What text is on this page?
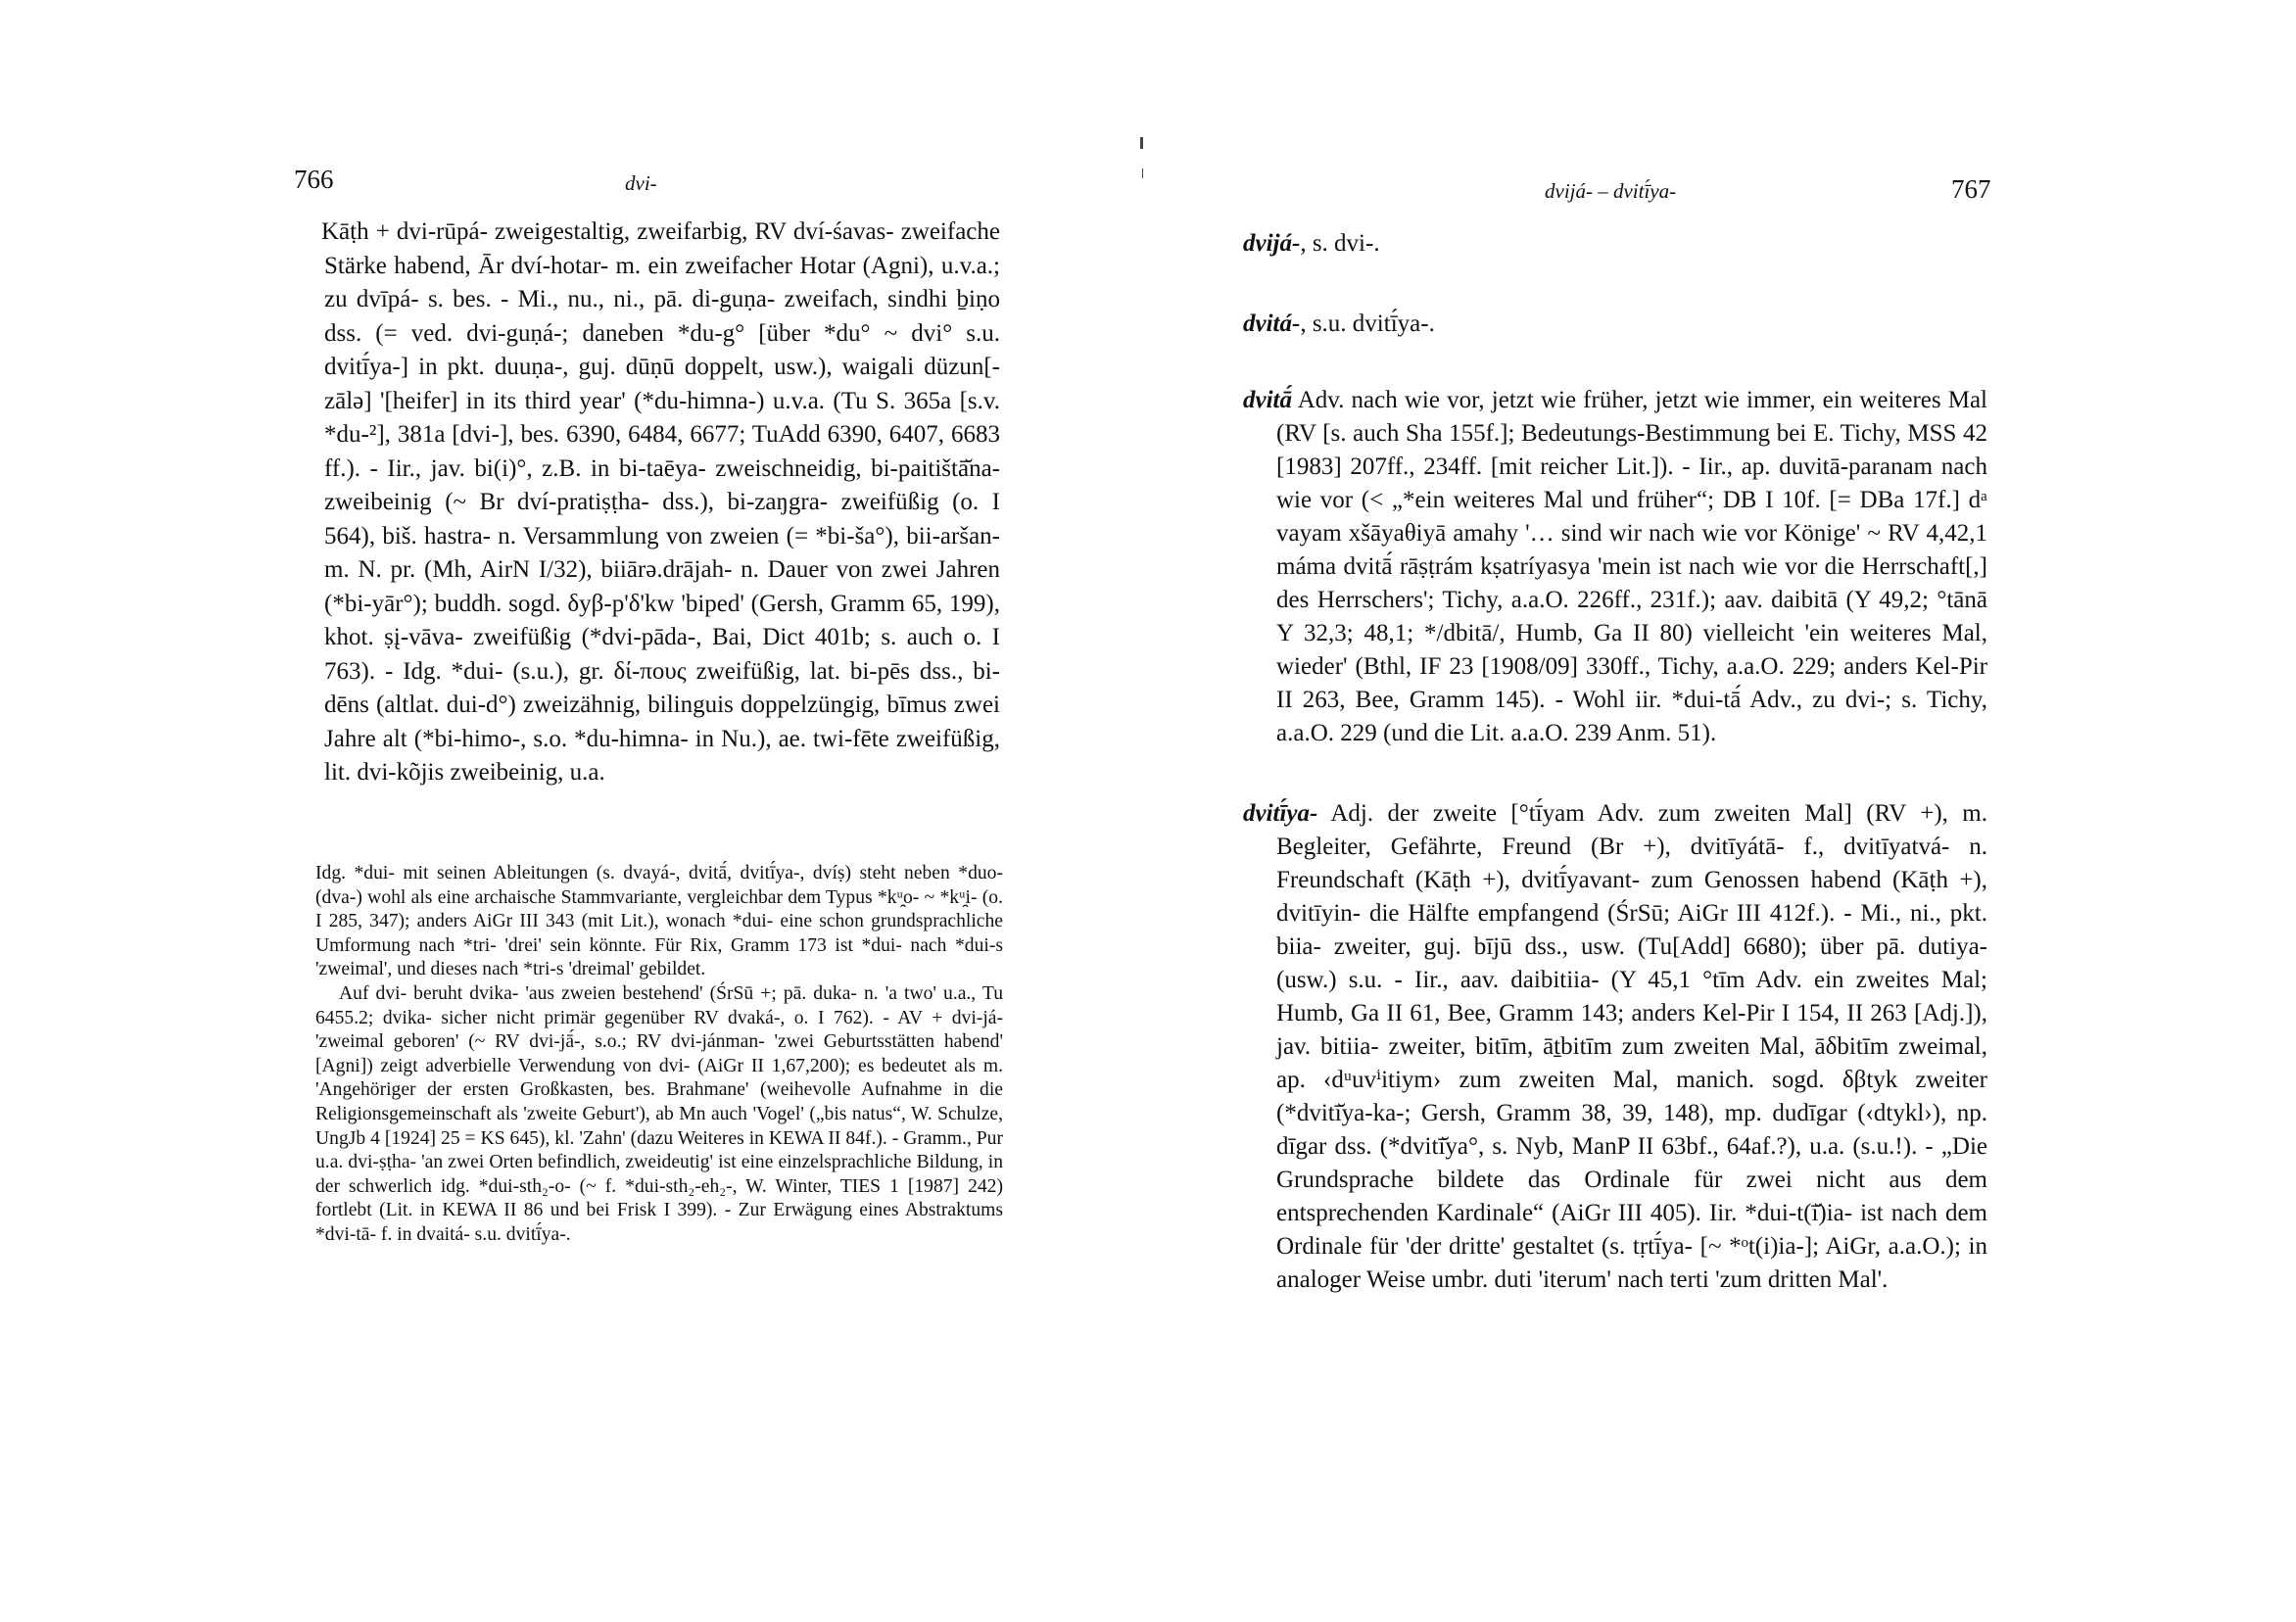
766	dvi-

Kāṭh + dvi-rūpá- zweigestaltig, zweifarbig, RV dví-śavas- zweifache Stärke habend, Ār dví-hotar- m. ein zweifacher Hotar (Agni), u.v.a.; zu dvīpá- s. bes. - Mi., nu., ni., pā. di-guṇa- zweifach, sindhi ḇiṇo dss. (= ved. dvi-guṇá-; daneben *du-g° [über *du° ~ dvi° s.u. dvitī́ya-] in pkt. duuṇa-, guj. dūṇū doppelt, usw.), waigali düzun[-zālə] '[heifer] in its third year' (*du-himna-) u.v.a. (Tu S. 365a [s.v. *du-²], 381a [dvi-], bes. 6390, 6484, 6677; TuAdd 6390, 6407, 6683 ff.). - Iir., jav. bi(i)°, z.B. in bi-taēya- zweischneidig, bi-paitištā̆na- zweibeinig (~ Br dví-pratiṣṭha- dss.), bi-zaŋgra- zweifüßig (o. I 564), biš. hastra- n. Versammlung von zweien (= *bi-ša°), bii-aršan- m. N. pr. (Mh, AirN I/32), biiārə.drājah- n. Dauer von zwei Jahren (*bi-yār°); buddh. sogd. δyβ-p'δ'kw 'biped' (Gersh, Gramm 65, 199), khot. ṣį-vāva- zweifüßig (*dvi-pāda-, Bai, Dict 401b; s. auch o. I 763). - Idg. *dui- (s.u.), gr. δί-πους zweifüßig, lat. bi-pēs dss., bi-dēns (altlat. dui-d°) zweizähnig, bilinguis doppelzüngig, bīmus zwei Jahre alt (*bi-himo-, s.o. *du-himna- in Nu.), ae. twi-fēte zweifüßig, lit. dvi-kõjis zweibeinig, u.a.

Idg. *dui- mit seinen Ableitungen (s. dvayá-, dvitā́, dvitī́ya-, dvíṣ) steht neben *duo- (dva-) wohl als eine archaische Stammvariante, vergleichbar dem Typus *kᵘ̯o- ~ *kᵘ̯i- (o. I 285, 347); anders AiGr III 343 (mit Lit.), wonach *dui- eine schon grundsprachliche Umformung nach *tri- 'drei' sein könnte. Für Rix, Gramm 173 ist *dui- nach *dui-s 'zweimal', und dieses nach *tri-s 'dreimal' gebildet.

Auf dvi- beruht dvika- 'aus zweien bestehend' (ŚrSū +; pā. duka- n. 'a two' u.a., Tu 6455.2; dvika- sicher nicht primär gegenüber RV dvaká-, o. I 762). - AV + dvi-já- 'zweimal geboren' (~ RV dvi-jā́-, s.o.; RV dvi-jánman- 'zwei Geburtsstätten habend' [Agni]) zeigt adverbielle Verwendung von dvi- (AiGr II 1,67,200); es bedeutet als m. 'Angehöriger der ersten Großkasten, bes. Brahmane' (weihevolle Aufnahme in die Religionsgemeinschaft als 'zweite Geburt'), ab Mn auch 'Vogel' („bis natus“, W. Schulze, UngJb 4 [1924] 25 = KS 645), kl. 'Zahn' (dazu Weiteres in KEWA II 84f.). - Gramm., Pur u.a. dvi-ṣṭha- 'an zwei Orten befindlich, zweideutig' ist eine einzelsprachliche Bildung, in der schwerlich idg. *dui-sth₂-o- (~ f. *dui-sth₂-eh₂-, W. Winter, TIES 1 [1987] 242) fortlebt (Lit. in KEWA II 86 und bei Frisk I 399). - Zur Erwägung eines Abstraktums *dvi-tā- f. in dvaitá- s.u. dvitī́ya-.

dvijá- – dvitī́ya-	767

dvijá-, s. dvi-.

dvitá-, s.u. dvitī́ya-.

dvitā́ Adv. nach wie vor, jetzt wie früher, jetzt wie immer, ein weiteres Mal (RV [s. auch Sha 155f.]; Bedeutungs-Bestimmung bei E. Tichy, MSS 42 [1983] 207ff., 234ff. [mit reicher Lit.]). - Iir., ap. duvitā-paranam nach wie vor (< „*ein weiteres Mal und früher“; DB I 10f. [= DBa 17f.] dᵃ vayam xšāyaθiyā amahy '… sind wir nach wie vor Könige' ~ RV 4,42,1 máma dvitā́ rāṣṭrám kṣatríyasya 'mein ist nach wie vor die Herrschaft[,] des Herrschers'; Tichy, a.a.O. 226ff., 231f.); aav. daibitā (Y 49,2; °tānā Y 32,3; 48,1; */dbitā/, Humb, Ga II 80) vielleicht 'ein weiteres Mal, wieder' (Bthl, IF 23 [1908/09] 330ff., Tichy, a.a.O. 229; anders Kel-Pir II 263, Bee, Gramm 145). - Wohl iir. *dui-tā́ Adv., zu dvi-; s. Tichy, a.a.O. 229 (und die Lit. a.a.O. 239 Anm. 51).

dvitī́ya- Adj. der zweite [°tī́yam Adv. zum zweiten Mal] (RV +), m. Begleiter, Gefährte, Freund (Br +), dvitīyátā- f., dvitīyatvá- n. Freundschaft (Kāṭh +), dvitī́yavant- zum Genossen habend (Kāṭh +), dvitīyin- die Hälfte empfangend (ŚrSū; AiGr III 412f.). - Mi., ni., pkt. biia- zweiter, guj. bījū dss., usw. (Tu[Add] 6680); über pā. dutiya- (usw.) s.u. - Iir., aav. daibitiia- (Y 45,1 °tīm Adv. ein zweites Mal; Humb, Ga II 61, Bee, Gramm 143; anders Kel-Pir I 154, II 263 [Adj.]), jav. bitiia- zweiter, bitīm, āṯbitīm zum zweiten Mal, āδbitīm zweimal, ap. ‹dᵘuvⁱitiym› zum zweiten Mal, manich. sogd. δβtyk zweiter (*dvitī̆ya-ka-; Gersh, Gramm 38, 39, 148), mp. dudīgar (‹dtykl›), np. dīgar dss. (*dvitī̆ya°, s. Nyb, ManP II 63bf., 64af.?), u.a. (s.u.!). - „Die Grundsprache bildete das Ordinale für zwei nicht aus dem entsprechenden Kardinale“ (AiGr III 405). Iir. *dui-t(ī̆)ia- ist nach dem Ordinale für 'der dritte' gestaltet (s. tṛtī́ya- [~ *ᵒt(i)ia-]; AiGr, a.a.O.); in analoger Weise umbr. duti 'iterum' nach terti 'zum dritten Mal'.
